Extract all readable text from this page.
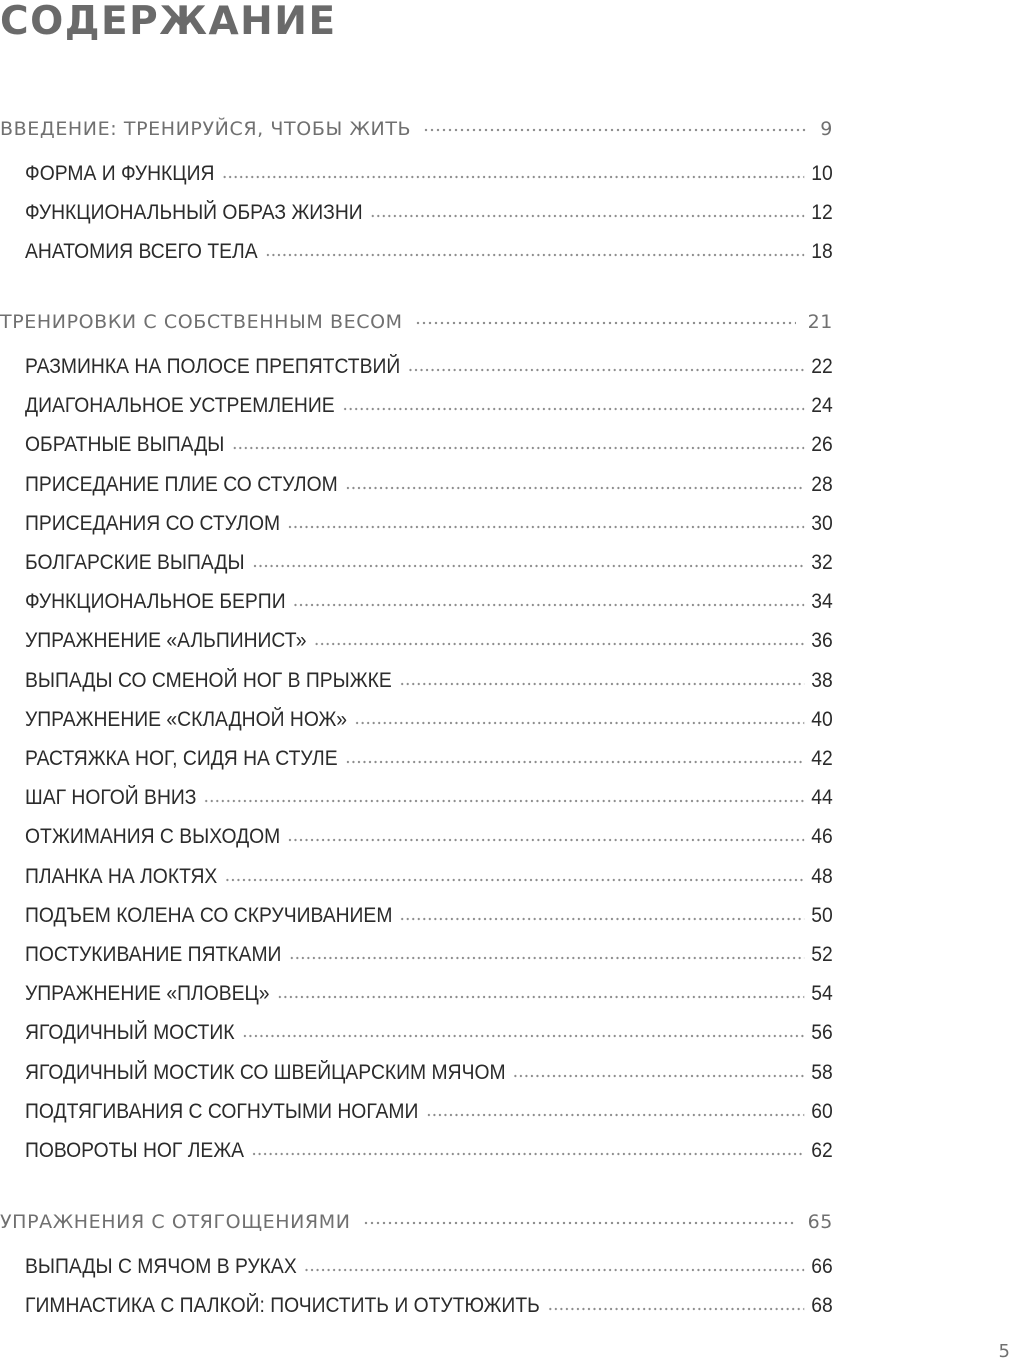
СОДЕРЖАНИЕ
ВВЕДЕНИЕ: ТРЕНИРУЙСЯ, ЧТОБЫ ЖИТЬ	9
ФОРМА И ФУНКЦИЯ	10
ФУНКЦИОНАЛЬНЫЙ ОБРАЗ ЖИЗНИ	12
АНАТОМИЯ ВСЕГО ТЕЛА	18
ТРЕНИРОВКИ С СОБСТВЕННЫМ ВЕСОМ	21
РАЗМИНКА НА ПОЛОСЕ ПРЕПЯТСТВИЙ	22
ДИАГОНАЛЬНОЕ УСТРЕМЛЕНИЕ	24
ОБРАТНЫЕ ВЫПАДЫ	26
ПРИСЕДАНИЕ ПЛИЕ СО СТУЛОМ	28
ПРИСЕДАНИЯ СО СТУЛОМ	30
БОЛГАРСКИЕ ВЫПАДЫ	32
ФУНКЦИОНАЛЬНОЕ БЕРПИ	34
УПРАЖНЕНИЕ «АЛЬПИНИСТ»	36
ВЫПАДЫ СО СМЕНОЙ НОГ В ПРЫЖКЕ	38
УПРАЖНЕНИЕ «СКЛАДНОЙ НОЖ»	40
РАСТЯЖКА НОГ, СИДЯ НА СТУЛЕ	42
ШАГ НОГОЙ ВНИЗ	44
ОТЖИМАНИЯ С ВЫХОДОМ	46
ПЛАНКА НА ЛОКТЯХ	48
ПОДЪЕМ КОЛЕНА СО СКРУЧИВАНИЕМ	50
ПОСТУКИВАНИЕ ПЯТКАМИ	52
УПРАЖНЕНИЕ «ПЛОВЕЦ»	54
ЯГОДИЧНЫЙ МОСТИК	56
ЯГОДИЧНЫЙ МОСТИК СО ШВЕЙЦАРСКИМ МЯЧОМ	58
ПОДТЯГИВАНИЯ С СОГНУТЫМИ НОГАМИ	60
ПОВОРОТЫ НОГ ЛЕЖА	62
УПРАЖНЕНИЯ С ОТЯГОЩЕНИЯМИ	65
ВЫПАДЫ С МЯЧОМ В РУКАХ	66
ГИМНАСТИКА С ПАЛКОЙ: ПОЧИСТИТЬ И ОТУТЮЖИТЬ	68
5
